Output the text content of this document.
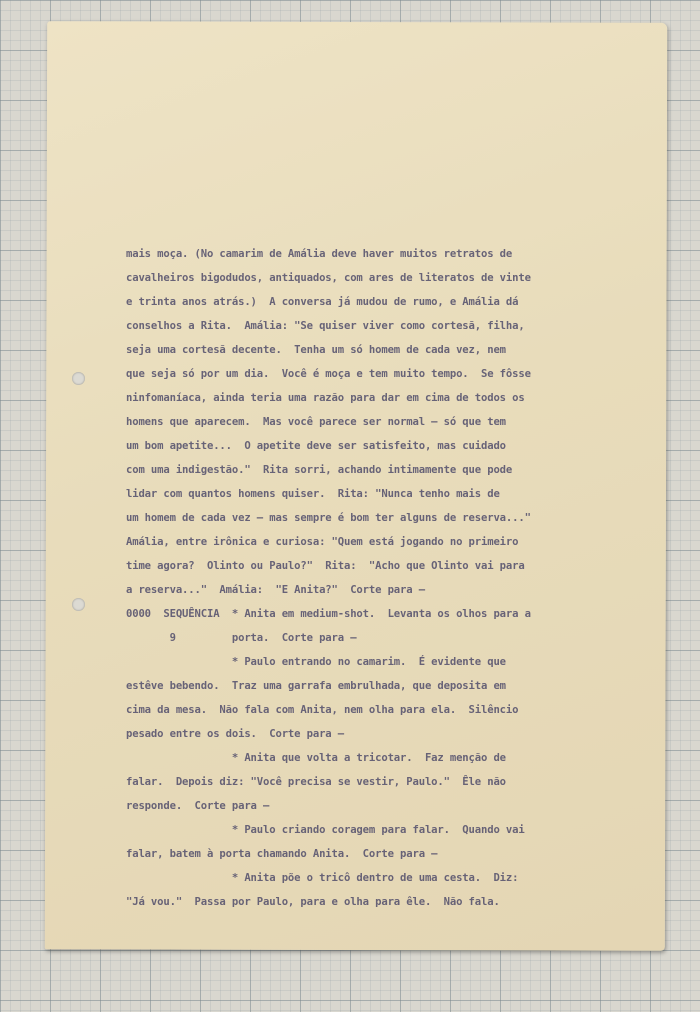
mais moça. (No camarim de Amália deve haver muitos retratos de
cavalheiros bigodudos, antiquados, com ares de literatos de vinte
e trinta anos atrás.)  A conversa já mudou de rumo, e Amália dá
conselhos a Rita.  Amália: "Se quiser viver como cortesã, filha,
seja uma cortesã decente.  Tenha um só homem de cada vez, nem
que seja só por um dia.  Você é moça e tem muito tempo.  Se fôsse
ninfomaníaca, ainda teria uma razão para dar em cima de todos os
homens que aparecem.  Mas você parece ser normal — só que tem
um bom apetite...  O apetite deve ser satisfeito, mas cuidado
com uma indigestão."  Rita sorri, achando intimamente que pode
lidar com quantos homens quiser.  Rita: "Nunca tenho mais de
um homem de cada vez — mas sempre é bom ter alguns de reserva..."
Amália, entre irônica e curiosa: "Quem está jogando no primeiro
time agora?  Olinto ou Paulo?"  Rita:  "Acho que Olinto vai para
a reserva..."  Amália:  "E Anita?"  Corte para —
0000  SEQUÊNCIA  * Anita em medium-shot.  Levanta os olhos para a
9         porta.  Corte para —
* Paulo entrando no camarim.  É evidente que
estêve bebendo.  Traz uma garrafa embrulhada, que deposita em
cima da mesa.  Não fala com Anita, nem olha para ela.  Silêncio
pesado entre os dois.  Corte para —
* Anita que volta a tricotar.  Faz menção de
falar.  Depois diz: "Você precisa se vestir, Paulo."  Êle não
responde.  Corte para —
* Paulo criando coragem para falar.  Quando vai
falar, batem à porta chamando Anita.  Corte para —
* Anita põe o tricô dentro de uma cesta.  Diz:
"Já vou."  Passa por Paulo, para e olha para êle.  Não fala.
